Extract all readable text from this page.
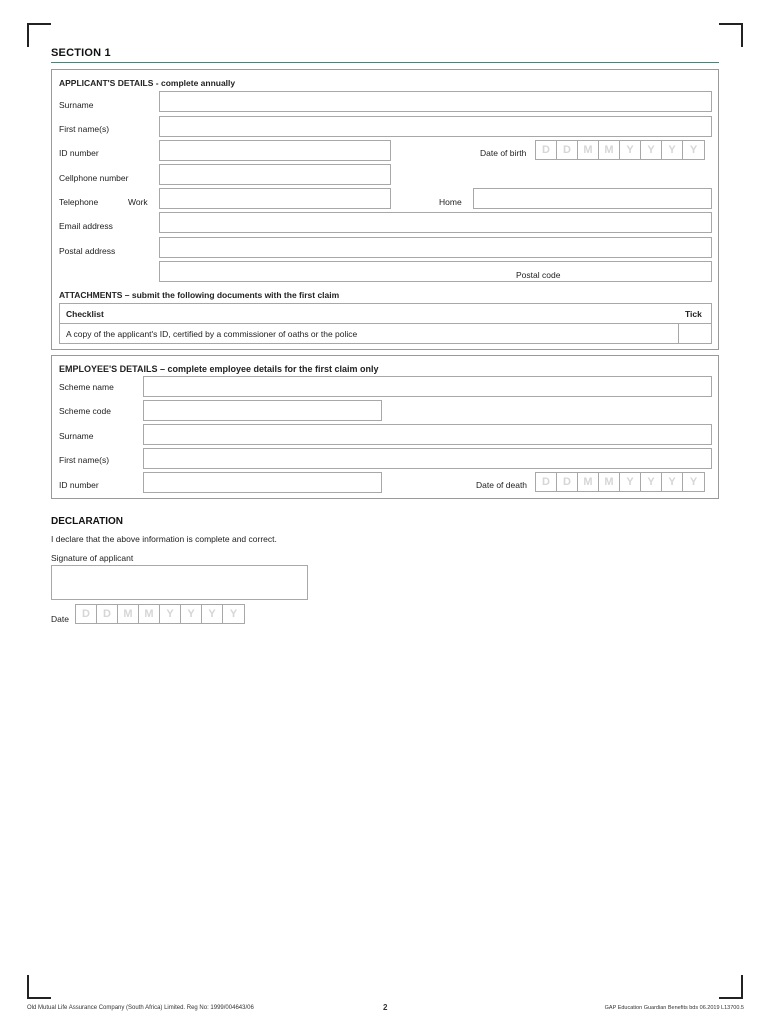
SECTION 1
APPLICANT'S DETAILS - complete annually
Surname
First name(s)
ID number	Date of birth	D	D	M	M	Y	Y	Y	Y
Cellphone number
Telephone	Work	Home
Email address
Postal address
Postal code
ATTACHMENTS – submit the following documents with the first claim
Checklist	Tick
A copy of the applicant's ID, certified by a commissioner of oaths or the police
EMPLOYEE'S DETAILS – complete employee details for the first claim only
Scheme name
Scheme code
Surname
First name(s)
ID number	Date of death	D	D	M	M	Y	Y	Y	Y
DECLARATION
I declare that the above information is complete and correct.
Signature of applicant
Date	D	D	M	M	Y	Y	Y	Y
Old Mutual Life Assurance Company (South Africa) Limited. Reg No: 1999/004643/06	2	GAP Education Guardian Benefits bds 06.2019 L13700.5
